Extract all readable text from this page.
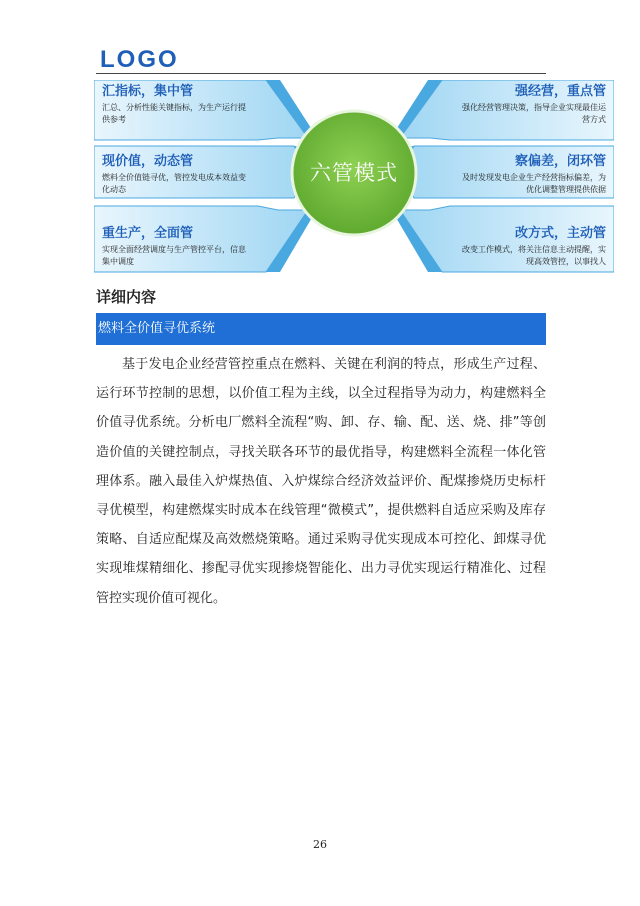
LOGO
汇指标，集中管
汇总、分析性能关键指标，为生产运行提供参考
现价值，动态管
燃料全价值链寻优，管控发电成本效益变化动态
重生产，全面管
实现全面经营调度与生产管控平台，信息集中调度
强经营，重点管
强化经营管理决策，指导企业实现最佳运营方式
察偏差，闭环管
及时发现发电企业生产经营指标偏差，为优化调整管理提供依据
改方式，主动管
改变工作模式，将关注信息主动提醒，实现高效管控，以事找人
六管模式
详细内容
燃料全价值寻优系统

基于发电企业经营管控重点在燃料、关键在利润的特点，形成生产过程、运行环节控制的思想，以价值工程为主线，以全过程指导为动力，构建燃料全价值寻优系统。分析电厂燃料全流程“购、卸、存、输、配、送、烧、排”等创造价值的关键控制点，寻找关联各环节的最优指导，构建燃料全流程一体化管理体系。融入最佳入炉煤热值、入炉煤综合经济效益评价、配煤掺烧历史标杆寻优模型，构建燃煤实时成本在线管理“微模式”，提供燃料自适应采购及库存策略、自适应配煤及高效燃烧策略。通过采购寻优实现成本可控化、卸煤寻优实现堆煤精细化、掺配寻优实现掺烧智能化、出力寻优实现运行精准化、过程管控实现价值可视化。

26
